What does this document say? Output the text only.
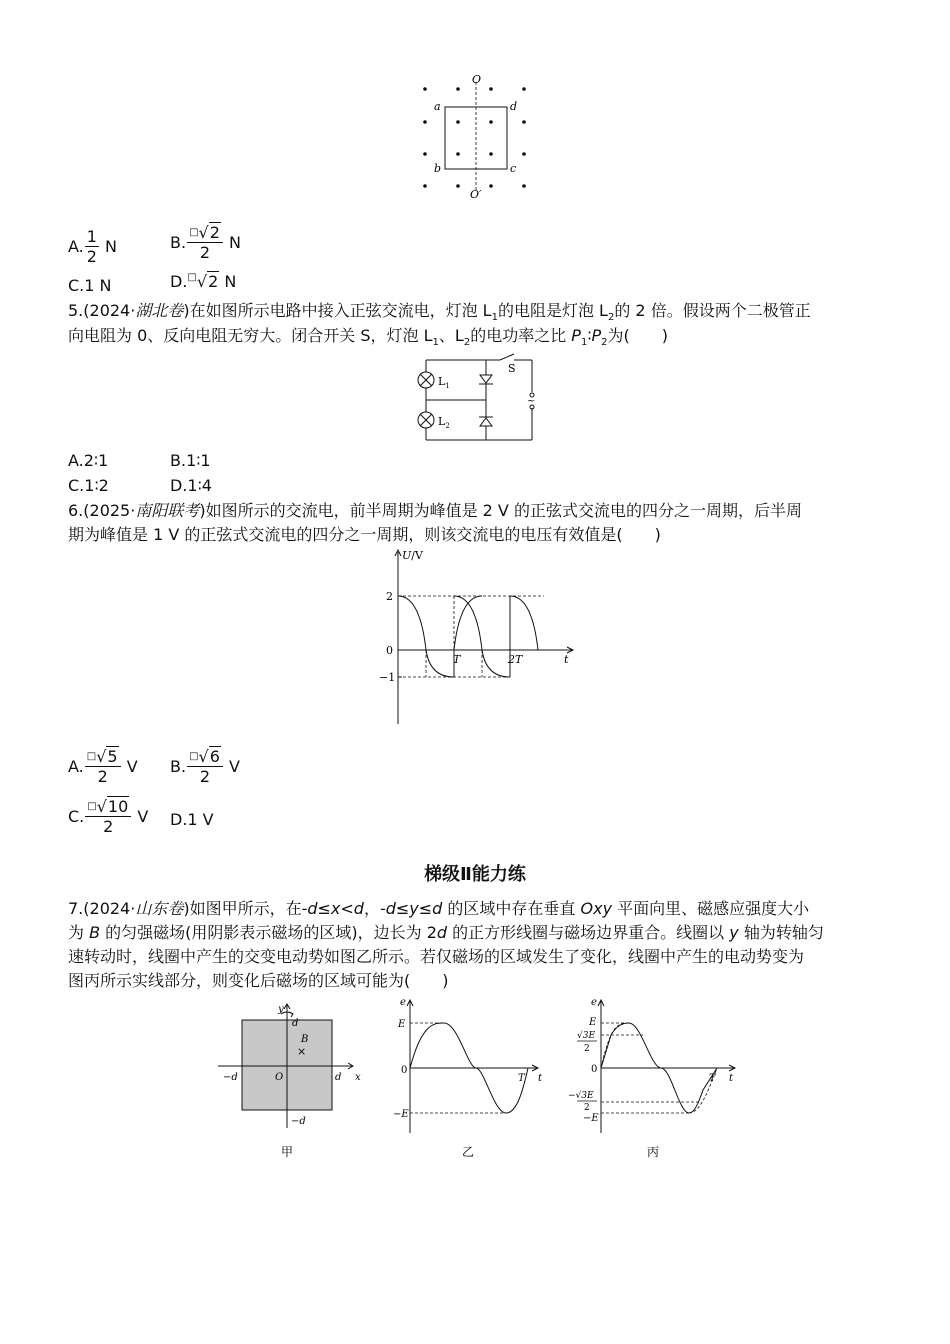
O
O′
a	d
b	c
A. $\frac{1}{2}$ N	B. $\frac{^□√2}{2}$ N
C.1 N	D.□√2 N
5.(2024·湖北卷)在如图所示电路中接入正弦交流电，灯泡 $L_1$的电阻是灯泡 $L_2$的 2 倍。假设两个二极管正
向电阻为 0、反向电阻无穷大。闭合开关 S，灯泡 $L_1$、$L_2$的电功率之比 $P_1∶P_2$为(　　)
$L_1$
$L_2$
S
~
A.2∶1	B.1∶1
C.1∶2	D.1∶4
6.(2025·南阳联考)如图所示的交流电，前半周期为峰值是 2 V 的正弦式交流电的四分之一周期，后半周
期为峰值是 1 V 的正弦式交流电的四分之一周期，则该交流电的电压有效值是(　　)
U/V
2
0
−1
T	2T	t
A. $\frac{^□√5}{2}$ V B. $\frac{^□√6}{2}$ V
C. $\frac{^□√10}{2}$ V D.1 V
梯级Ⅱ能力练
7.(2024·山东卷)如图甲所示，在-d≤x<d，-d≤y≤d 的区域中存在垂直 Oxy 平面向里、磁感应强度大小
为 B 的匀强磁场(用阴影表示磁场的区域)，边长为 2d 的正方形线圈与磁场边界重合。线圈以 y 轴为转轴匀
速转动时，线圈中产生的交变电动势如图乙所示。若仅磁场的区域发生了变化，线圈中产生的电动势变为
图丙所示实线部分，则变化后磁场的区域可能为(　　)
y
d
B
×
−d	O	d x
−d
甲
e
E
0
−E
T t
乙
e
E
√3E
2
0
−√3E
2
−E
T t
丙
